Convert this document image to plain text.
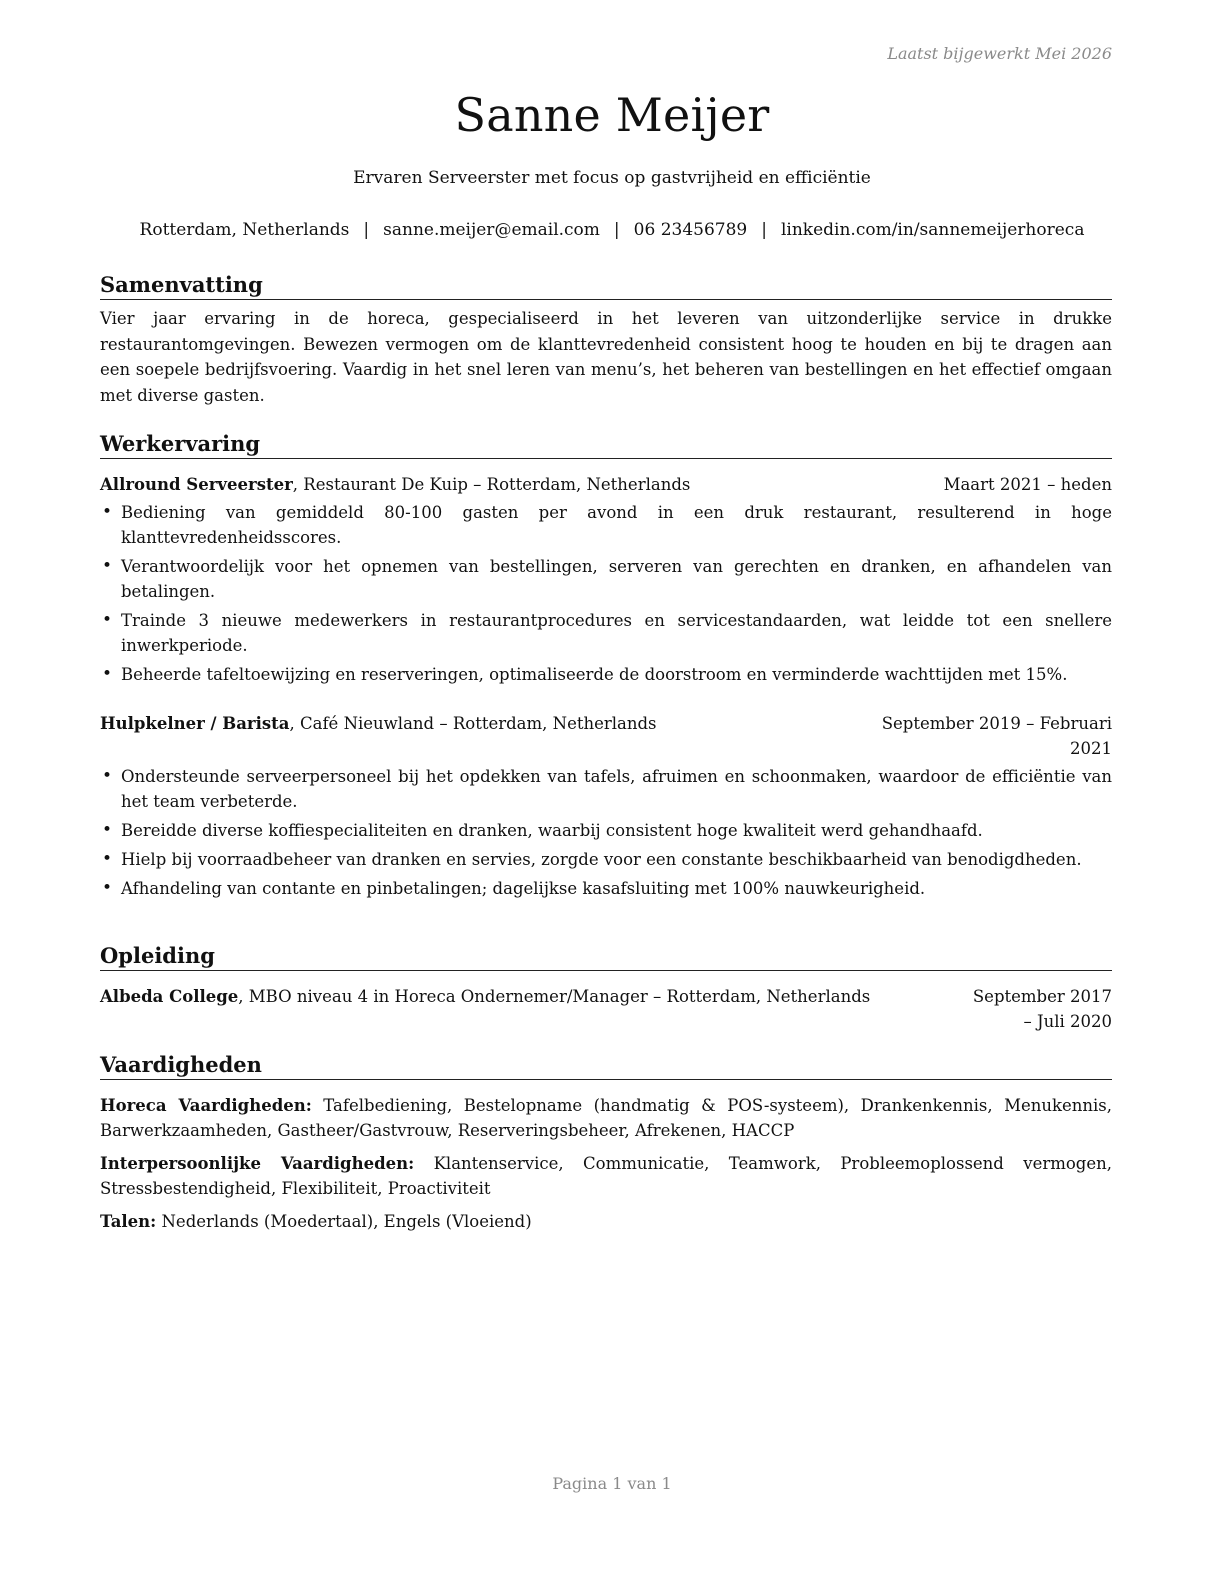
Laatst bijgewerkt Mei 2026
Sanne Meijer
Ervaren Serveerster met focus op gastvrijheid en efficiëntie
Rotterdam, Netherlands | sanne.meijer@email.com | 06 23456789 | linkedin.com/in/sannemeijerhoreca
Samenvatting

Vier jaar ervaring in de horeca, gespecialiseerd in het leveren van uitzonderlijke service in drukke restaurantomgevingen. Bewezen vermogen om de klanttevredenheid consistent hoog te houden en bij te dragen aan een soepele bedrijfsvoering. Vaardig in het snel leren van menu’s, het beheren van bestellingen en het effectief omgaan met diverse gasten.

Werkervaring
Allround Serveerster, Restaurant De Kuip – Rotterdam, Netherlands	Maart 2021 – heden
• Bediening van gemiddeld 80-100 gasten per avond in een druk restaurant, resulterend in hoge klanttevredenheidsscores.
• Verantwoordelijk voor het opnemen van bestellingen, serveren van gerechten en dranken, en afhandelen van betalingen.
• Trainde 3 nieuwe medewerkers in restaurantprocedures en servicestandaarden, wat leidde tot een snellere inwerkperiode.
• Beheerde tafeltoewijzing en reserveringen, optimaliseerde de doorstroom en verminderde wachttijden met 15%.
Hulpkelner / Barista, Café Nieuwland – Rotterdam, Netherlands	September 2019 – Februari 2021
• Ondersteunde serveerpersoneel bij het opdekken van tafels, afruimen en schoonmaken, waardoor de efficiëntie van het team verbeterde.
• Bereidde diverse koffiespecialiteiten en dranken, waarbij consistent hoge kwaliteit werd gehandhaafd.
• Hielp bij voorraadbeheer van dranken en servies, zorgde voor een constante beschikbaarheid van benodigdheden.
• Afhandeling van contante en pinbetalingen; dagelijkse kasafsluiting met 100% nauwkeurigheid.
Opleiding
Albeda College, MBO niveau 4 in Horeca Ondernemer/Manager – Rotterdam, Netherlands	September 2017 – Juli 2020
Vaardigheden

Horeca Vaardigheden: Tafelbediening, Bestelopname (handmatig & POS-systeem), Drankenkennis, Menukennis, Barwerkzaamheden, Gastheer/Gastvrouw, Reserveringsbeheer, Afrekenen, HACCP

Interpersoonlijke Vaardigheden: Klantenservice, Communicatie, Teamwork, Probleemoplossend vermogen, Stressbestendigheid, Flexibiliteit, Proactiviteit

Talen: Nederlands (Moedertaal), Engels (Vloeiend)

Pagina 1 van 1
